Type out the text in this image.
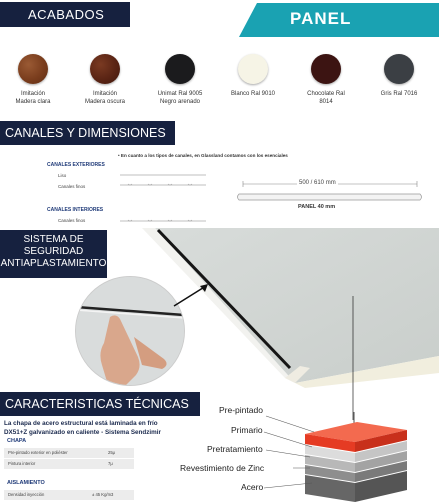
ACABADOS	PANEL
Imitación
Madera clara
Imitación
Madera oscura
Unimat Ral 9005
Negro arenado
Blanco Ral 9010	Chocolate Ral
8014
Gris Ral 7016
CANALES Y DIMENSIONES
• En cuanto a los tipos de canales, en Glassland contamos con los esenciales
CANALES EXTERIORES
Liso
Canales finos
CANALES INTERIORES
Canales finos
500 / 610 mm
PANEL 40 mm
SISTEMA DE
SEGURIDAD
ANTIAPLASTAMIENTO
CARACTERISTICAS TÉCNICAS
La chapa de acero estructural está laminada en frío
DX51+Z galvanizado en caliente - Sistema Sendzimir
CHAPA
Pre-pintado exterior en poliéster	25μ
Pintura interior	7μ
AISLAMIENTO
Densidad inyección	± 45 Kg/m3
Pre-pintado
Primario
Pretratamiento
Revestimiento de Zinc
Acero
